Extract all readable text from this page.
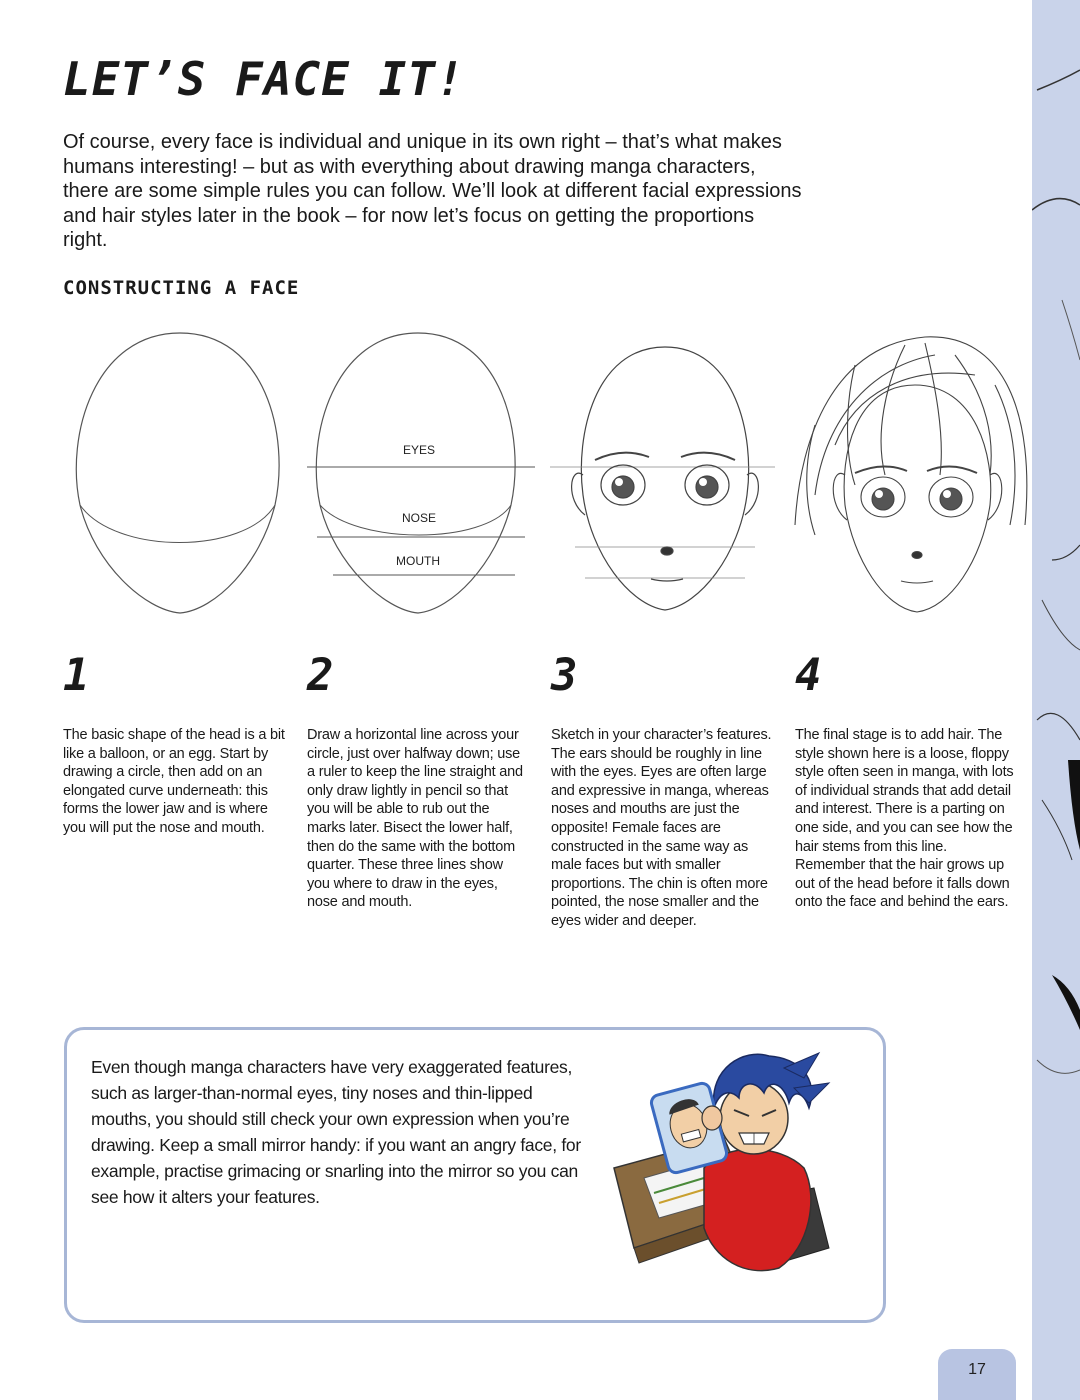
LET’S FACE IT!

Of course, every face is individual and unique in its own right – that’s what makes humans interesting! – but as with everything about drawing manga characters, there are some simple rules you can follow. We’ll look at different facial expressions and hair styles later in the book – for now let’s focus on getting the proportions right.

CONSTRUCTING A FACE
EYES
NOSE
MOUTH
1	2	3	4

The basic shape of the head is a bit like a balloon, or an egg. Start by drawing a circle, then add on an elongated curve underneath: this forms the lower jaw and is where you will put the nose and mouth.

Draw a horizontal line across your circle, just over halfway down; use a ruler to keep the line straight and only draw lightly in pencil so that you will be able to rub out the marks later. Bisect the lower half, then do the same with the bottom quarter. These three lines show you where to draw in the eyes, nose and mouth.

Sketch in your character’s features. The ears should be roughly in line with the eyes. Eyes are often large and expressive in manga, whereas noses and mouths are just the opposite! Female faces are constructed in the same way as male faces but with smaller proportions. The chin is often more pointed, the nose smaller and the eyes wider and deeper.

The final stage is to add hair. The style shown here is a loose, floppy style often seen in manga, with lots of individual strands that add detail and interest. There is a parting on one side, and you can see how the hair stems from this line. Remember that the hair grows up out of the head before it falls down onto the face and behind the ears.

Even though manga characters have very exaggerated features, such as larger-than-normal eyes, tiny noses and thin-lipped mouths, you should still check your own expression when you’re drawing. Keep a small mirror handy: if you want an angry face, for example, practise grimacing or snarling into the mirror so you can see how it alters your features.

17
